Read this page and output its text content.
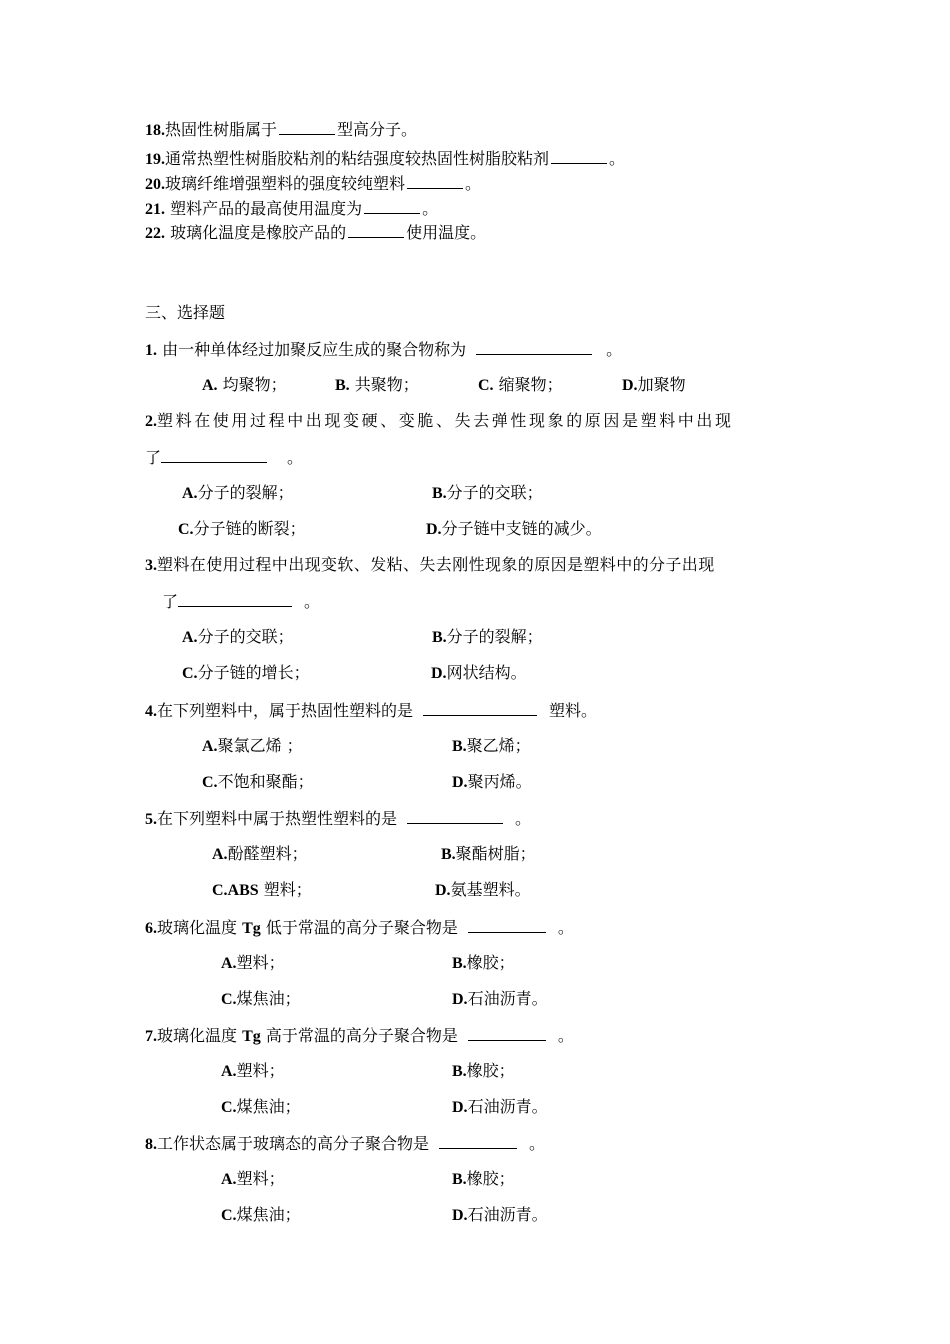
18.热固性树脂属于	型高分子。
19.通常热塑性树脂胶粘剂的粘结强度较热固性树脂胶粘剂	。
20.玻璃纤维增强塑料的强度较纯塑料	。
21. 塑料产品的最高使用温度为	。
22. 玻璃化温度是橡胶产品的	使用温度。
三、选择题
1. 由一种单体经过加聚反应生成的聚合物称为	。
A. 均聚物；	B. 共聚物；	C. 缩聚物；	D.加聚物
2.塑料在使用过程中出现变硬、变脆、失去弹性现象的原因是塑料中出现
了	。
A.分子的裂解；	B.分子的交联；
C.分子链的断裂；	D.分子链中支链的减少。
3.塑料在使用过程中出现变软、发粘、失去刚性现象的原因是塑料中的分子出现
了	。
A.分子的交联；	B.分子的裂解；
C.分子链的增长；	D.网状结构。
4.在下列塑料中，属于热固性塑料的是	塑料。
A.聚氯乙烯 ；	B.聚乙烯；
C.不饱和聚酯；	D.聚丙烯。
5.在下列塑料中属于热塑性塑料的是	。
A.酚醛塑料；	B.聚酯树脂；
C.ABS 塑料；	D.氨基塑料。
6.玻璃化温度 Tg 低于常温的高分子聚合物是	。
A.塑料；	B.橡胶；
C.煤焦油；	D.石油沥青。
7.玻璃化温度 Tg 高于常温的高分子聚合物是	。
A.塑料；	B.橡胶；
C.煤焦油；	D.石油沥青。
8.工作状态属于玻璃态的高分子聚合物是	。
A.塑料；	B.橡胶；
C.煤焦油；	D.石油沥青。
